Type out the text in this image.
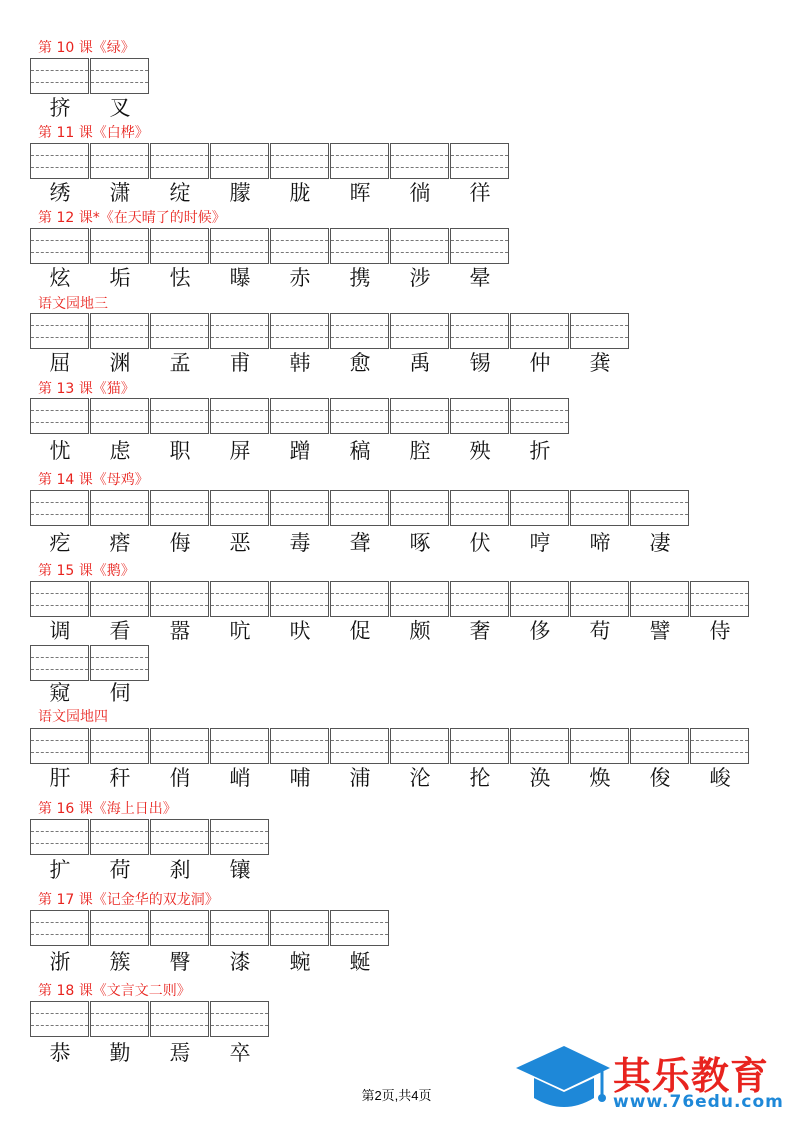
第 10 课《绿》
挤	叉
第 11 课《白桦》
绣	潇	绽	朦	胧	晖	徜	徉
第 12 课*《在天晴了的时候》
炫	垢	怯	曝	赤	携	涉	晕
语文园地三
屈	渊	孟	甫	韩	愈	禹	锡	仲	龚
第 13 课《猫》
忧	虑	职	屏	蹭	稿	腔	殃	折
第 14 课《母鸡》
疙	瘩	侮	恶	毒	聋	啄	伏	哼	啼	凄
第 15 课《鹅》
调	看	嚣	吭	吠	促	颇	奢	侈	苟	譬	侍
窥	伺
语文园地四
肝	秆	俏	峭	哺	浦	沦	抡	涣	焕	俊	峻
第 16 课《海上日出》
扩	荷	刹	镶
第 17 课《记金华的双龙洞》
浙	簇	臀	漆	蜿	蜒
第 18 课《文言文二则》
恭	勤	焉	卒
第2页,共4页	其乐教育
www.76edu.com
